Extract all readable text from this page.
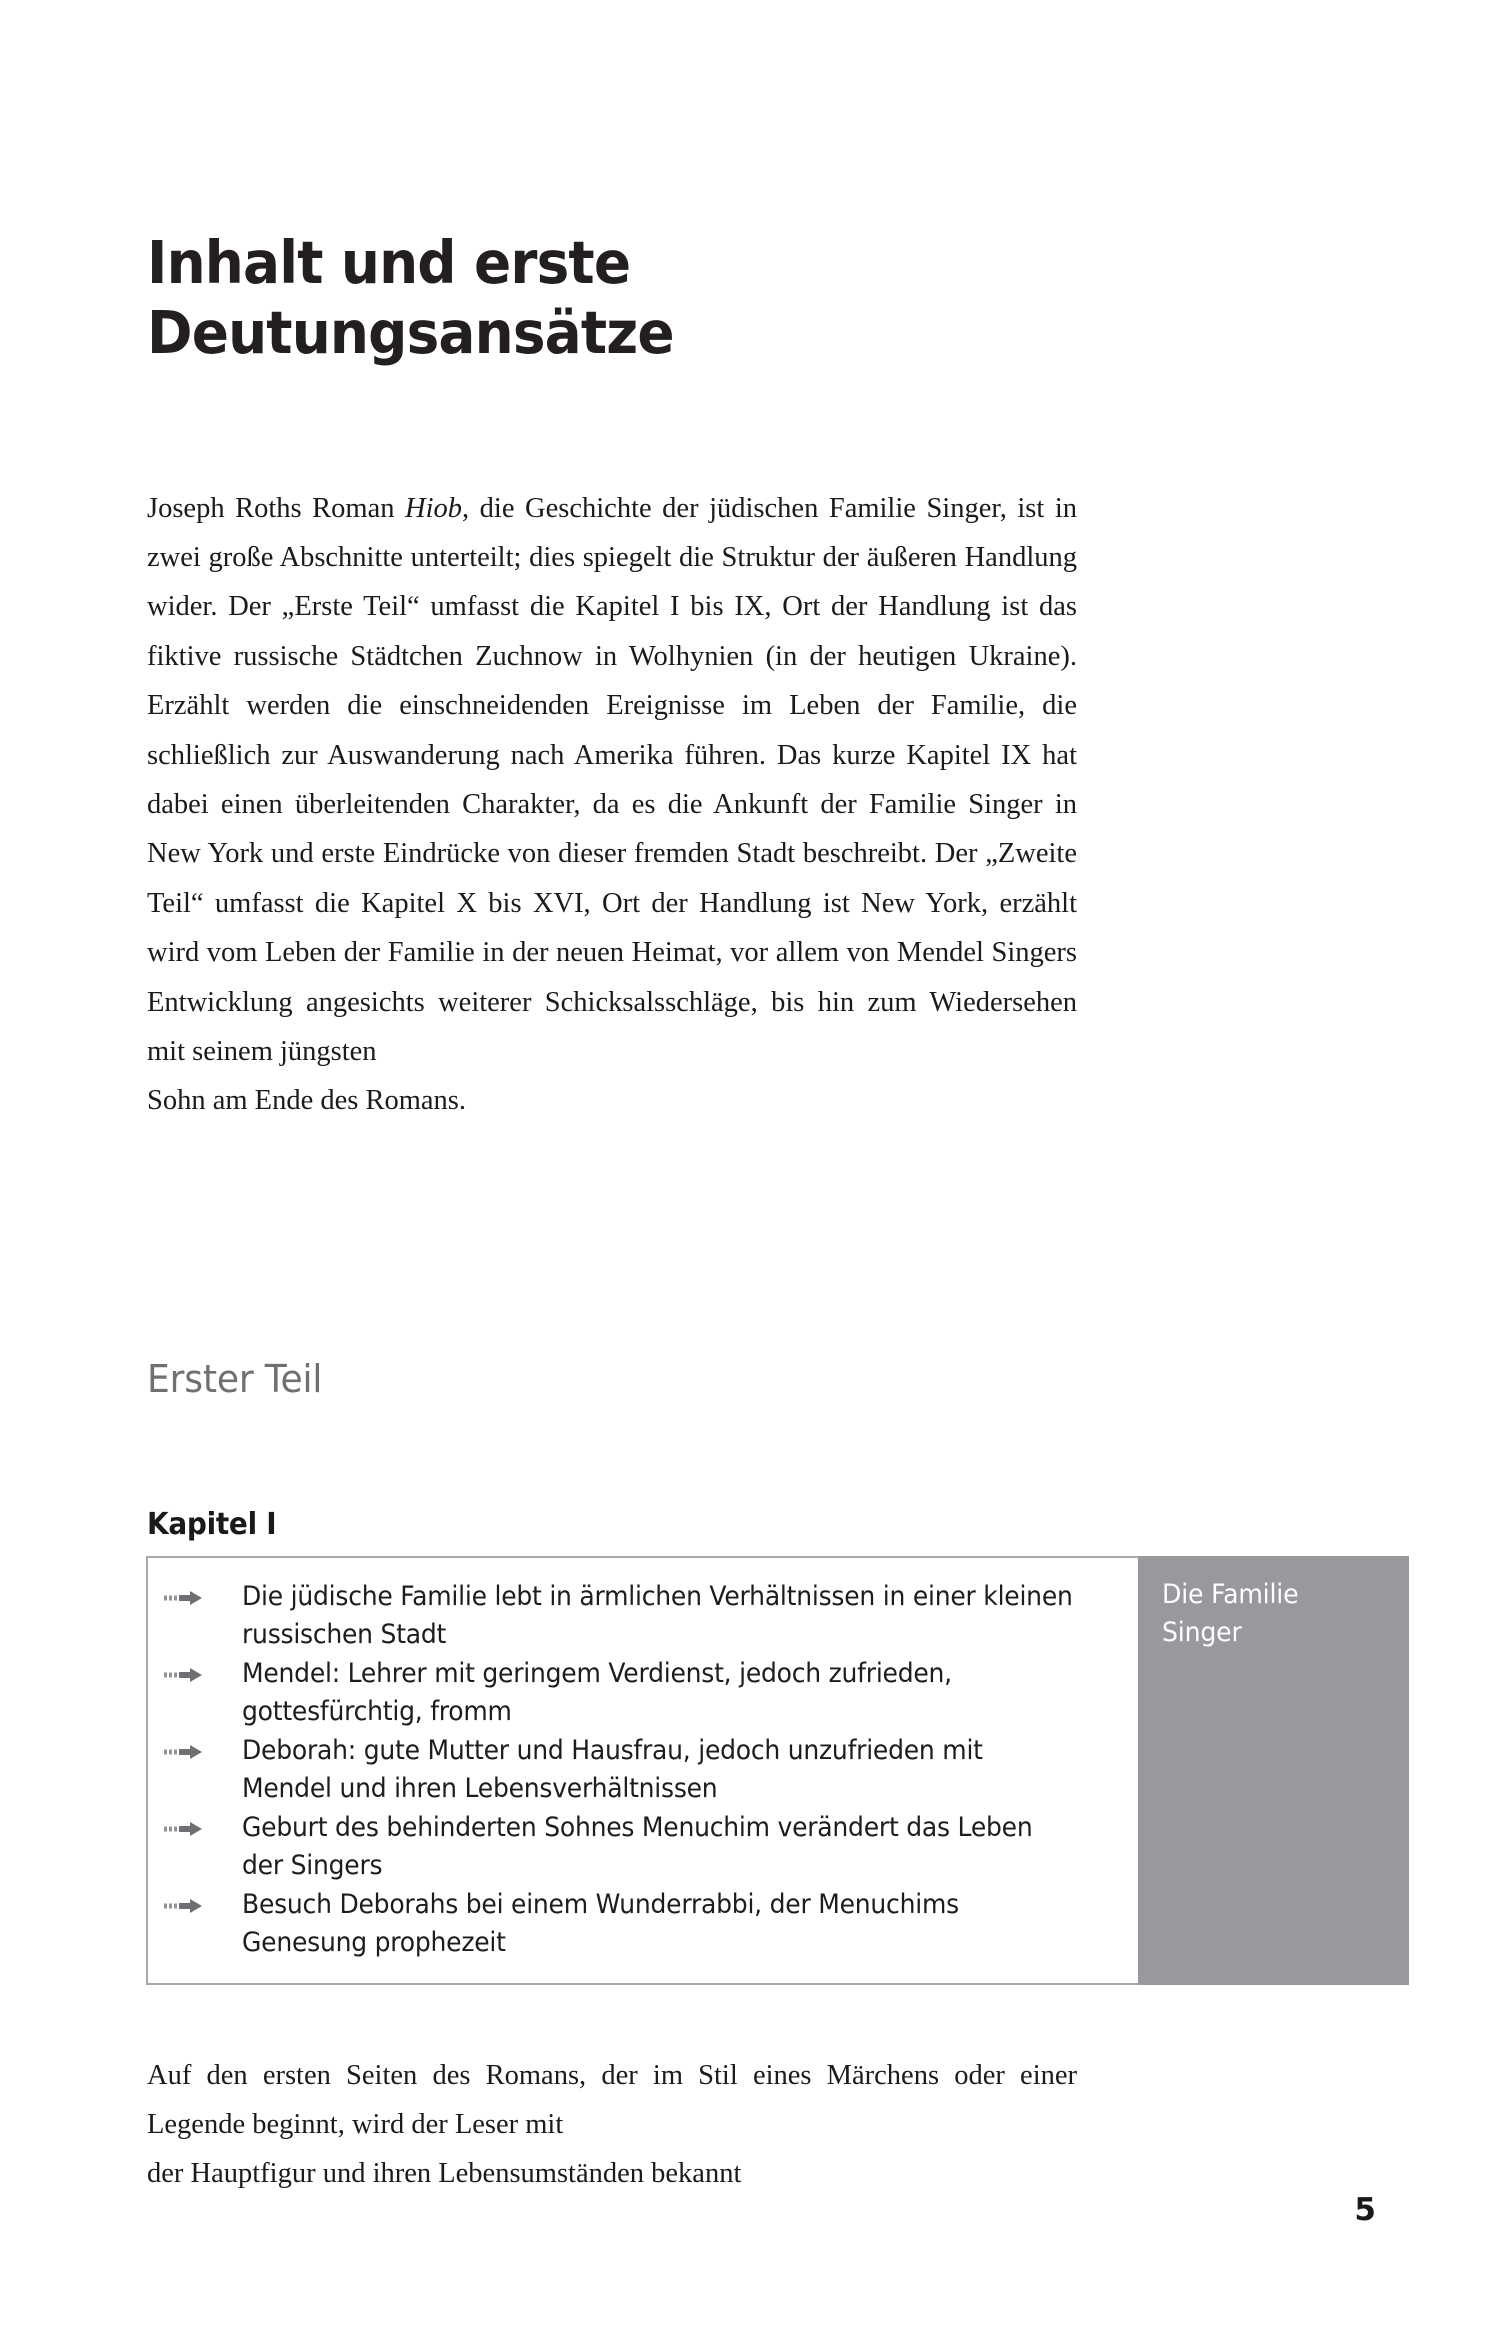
Inhalt und erste
Deutungsansätze

Joseph Roths Roman Hiob, die Geschichte der jüdischen Familie Singer, ist in zwei große Abschnitte unterteilt; dies spiegelt die Struktur der äußeren Handlung wider. Der „Erste Teil“ umfasst die Kapitel I bis IX, Ort der Handlung ist das fiktive russische Städtchen Zuchnow in Wolhynien (in der heutigen Ukraine). Erzählt werden die einschneidenden Ereignisse im Leben der Familie, die schließlich zur Auswanderung nach Amerika führen. Das kurze Kapitel IX hat dabei einen überleitenden Charakter, da es die Ankunft der Familie Singer in New York und erste Eindrücke von dieser fremden Stadt beschreibt. Der „Zweite Teil“ umfasst die Kapitel X bis XVI, Ort der Handlung ist New York, erzählt wird vom Leben der Familie in der neuen Heimat, vor allem von Mendel Singers Entwicklung angesichts weiterer Schicksalsschläge, bis hin zum Wiedersehen mit seinem jüngsten
Sohn am Ende des Romans.

Erster Teil
Kapitel I
Die jüdische Familie lebt in ärmlichen Verhältnissen in einer kleinen russischen Stadt
Mendel: Lehrer mit geringem Verdienst, jedoch zufrieden, gottesfürchtig, fromm
Deborah: gute Mutter und Hausfrau, jedoch unzufrieden mit Mendel und ihren Lebensverhältnissen
Geburt des behinderten Sohnes Menuchim verändert das Leben der Singers
Besuch Deborahs bei einem Wunderrabbi, der Menuchims Genesung prophezeit
Die Familie
Singer

Auf den ersten Seiten des Romans, der im Stil eines Märchens oder einer Legende beginnt, wird der Leser mit
der Hauptfigur und ihren Lebensumständen bekannt

5
